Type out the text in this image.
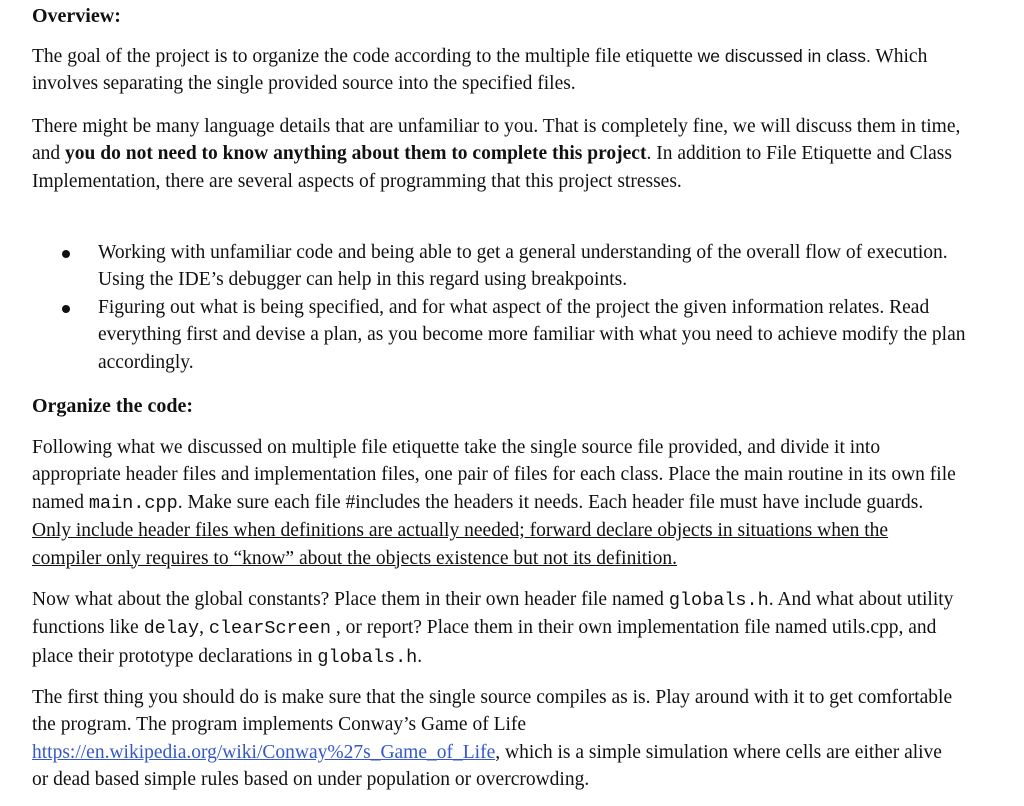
Overview:

The goal of the project is to organize the code according to the multiple file etiquette we discussed in class. Which involves separating the single provided source into the specified files.

There might be many language details that are unfamiliar to you. That is completely fine, we will discuss them in time, and you do not need to know anything about them to complete this project. In addition to File Etiquette and Class Implementation, there are several aspects of programming that this project stresses.

Working with unfamiliar code and being able to get a general understanding of the overall flow of execution. Using the IDE’s debugger can help in this regard using breakpoints.
Figuring out what is being specified, and for what aspect of the project the given information relates. Read everything first and devise a plan, as you become more familiar with what you need to achieve modify the plan accordingly.
Organize the code:

Following what we discussed on multiple file etiquette take the single source file provided, and divide it into appropriate header files and implementation files, one pair of files for each class. Place the main routine in its own file named main.cpp. Make sure each file #includes the headers it needs. Each header file must have include guards. Only include header files when definitions are actually needed; forward declare objects in situations when the compiler only requires to “know” about the objects existence but not its definition.

Now what about the global constants? Place them in their own header file named globals.h. And what about utility functions like delay, clearScreen , or report? Place them in their own implementation file named utils.cpp, and place their prototype declarations in globals.h.

The first thing you should do is make sure that the single source compiles as is. Play around with it to get comfortable the program. The program implements Conway’s Game of Life https://en.wikipedia.org/wiki/Conway%27s_Game_of_Life, which is a simple simulation where cells are either alive or dead based simple rules based on under population or overcrowding.
